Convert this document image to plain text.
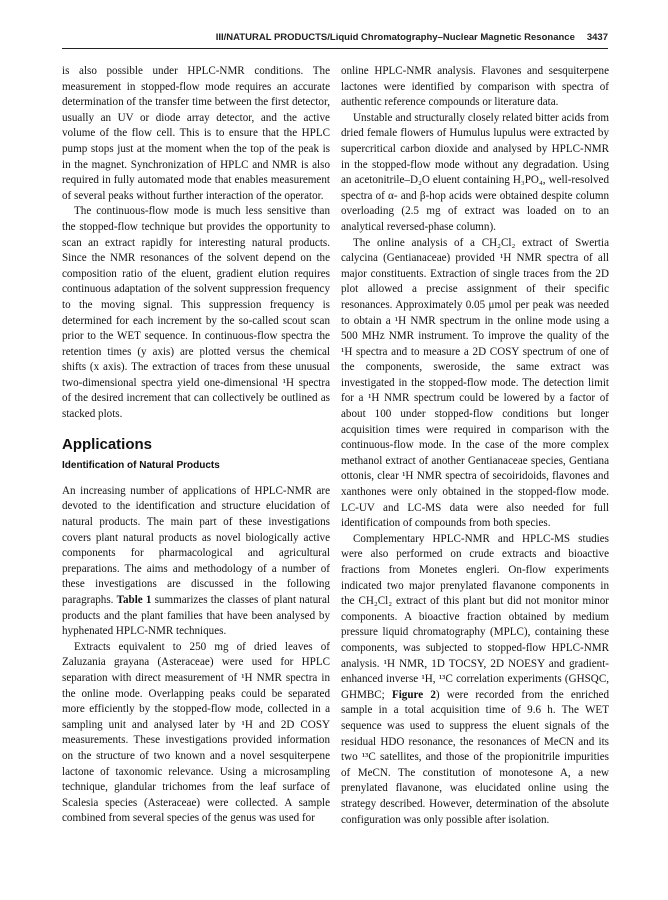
III/NATURAL PRODUCTS/Liquid Chromatography–Nuclear Magnetic Resonance 3437

is also possible under HPLC-NMR conditions. The measurement in stopped-flow mode requires an accurate determination of the transfer time between the first detector, usually an UV or diode array detector, and the active volume of the flow cell. This is to ensure that the HPLC pump stops just at the moment when the top of the peak is in the magnet. Synchronization of HPLC and NMR is also required in fully automated mode that enables measurement of several peaks without further interaction of the operator.

The continuous-flow mode is much less sensitive than the stopped-flow technique but provides the opportunity to scan an extract rapidly for interesting natural products. Since the NMR resonances of the solvent depend on the composition ratio of the eluent, gradient elution requires continuous adaptation of the solvent suppression frequency to the moving signal. This suppression frequency is determined for each increment by the so-called scout scan prior to the WET sequence. In continuous-flow spectra the retention times (y axis) are plotted versus the chemical shifts (x axis). The extraction of traces from these unusual two-dimensional spectra yield one-dimensional ¹H spectra of the desired increment that can collectively be outlined as stacked plots.

Applications
Identification of Natural Products

An increasing number of applications of HPLC-NMR are devoted to the identification and structure elucidation of natural products. The main part of these investigations covers plant natural products as novel biologically active components for pharmacological and agricultural preparations. The aims and methodology of a number of these investigations are discussed in the following paragraphs. Table 1 summarizes the classes of plant natural products and the plant families that have been analysed by hyphenated HPLC-NMR techniques.

Extracts equivalent to 250 mg of dried leaves of Zaluzania grayana (Asteraceae) were used for HPLC separation with direct measurement of ¹H NMR spectra in the online mode. Overlapping peaks could be separated more efficiently by the stopped-flow mode, collected in a sampling unit and analysed later by ¹H and 2D COSY measurements. These investigations provided information on the structure of two known and a novel sesquiterpene lactone of taxonomic relevance. Using a microsampling technique, glandular trichomes from the leaf surface of Scalesia species (Asteraceae) were collected. A sample combined from several species of the genus was used for

online HPLC-NMR analysis. Flavones and sesquiterpene lactones were identified by comparison with spectra of authentic reference compounds or literature data.

Unstable and structurally closely related bitter acids from dried female flowers of Humulus lupulus were extracted by supercritical carbon dioxide and analysed by HPLC-NMR in the stopped-flow mode without any degradation. Using an acetonitrile–D₂O eluent containing H₃PO₄, well-resolved spectra of α- and β-hop acids were obtained despite column overloading (2.5 mg of extract was loaded on to an analytical reversed-phase column).

The online analysis of a CH₂Cl₂ extract of Swertia calycina (Gentianaceae) provided ¹H NMR spectra of all major constituents. Extraction of single traces from the 2D plot allowed a precise assignment of their specific resonances. Approximately 0.05 μmol per peak was needed to obtain a ¹H NMR spectrum in the online mode using a 500 MHz NMR instrument. To improve the quality of the ¹H spectra and to measure a 2D COSY spectrum of one of the components, sweroside, the same extract was investigated in the stopped-flow mode. The detection limit for a ¹H NMR spectrum could be lowered by a factor of about 100 under stopped-flow conditions but longer acquisition times were required in comparison with the continuous-flow mode. In the case of the more complex methanol extract of another Gentianaceae species, Gentiana ottonis, clear ¹H NMR spectra of secoiridoids, flavones and xanthones were only obtained in the stopped-flow mode. LC-UV and LC-MS data were also needed for full identification of compounds from both species.

Complementary HPLC-NMR and HPLC-MS studies were also performed on crude extracts and bioactive fractions from Monetes engleri. On-flow experiments indicated two major prenylated flavanone components in the CH₂Cl₂ extract of this plant but did not monitor minor components. A bioactive fraction obtained by medium pressure liquid chromatography (MPLC), containing these components, was subjected to stopped-flow HPLC-NMR analysis. ¹H NMR, 1D TOCSY, 2D NOESY and gradient-enhanced inverse ¹H, ¹³C correlation experiments (GHSQC, GHMBC; Figure 2) were recorded from the enriched sample in a total acquisition time of 9.6 h. The WET sequence was used to suppress the eluent signals of the residual HDO resonance, the resonances of MeCN and its two ¹³C satellites, and those of the propionitrile impurities of MeCN. The constitution of monotesone A, a new prenylated flavanone, was elucidated online using the strategy described. However, determination of the absolute configuration was only possible after isolation.
